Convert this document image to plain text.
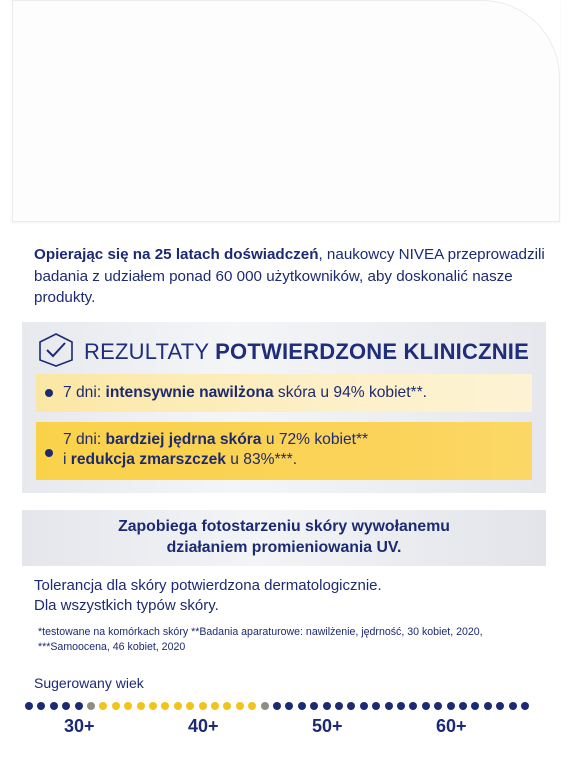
Opierając się na 25 latach doświadczeń, naukowcy NIVEA przeprowadzili badania z udziałem ponad 60 000 użytkowników, aby doskonalić nasze produkty.
REZULTATY POTWIERDZONE KLINICZNIE
7 dni: intensywnie nawilżona skóra u 94% kobiet**.
7 dni: bardziej jędrna skóra u 72% kobiet**
i redukcja zmarszczek u 83%***.
Zapobiega fotostarzeniu skóry wywołanemu
działaniem promieniowania UV.
Tolerancja dla skóry potwierdzona dermatologicznie.
Dla wszystkich typów skóry.
*testowane na komórkach skóry **Badania aparaturowe: nawilżenie, jędrność, 30 kobiet, 2020,
***Samoocena, 46 kobiet, 2020
Sugerowany wiek
30+	40+	50+	60+
